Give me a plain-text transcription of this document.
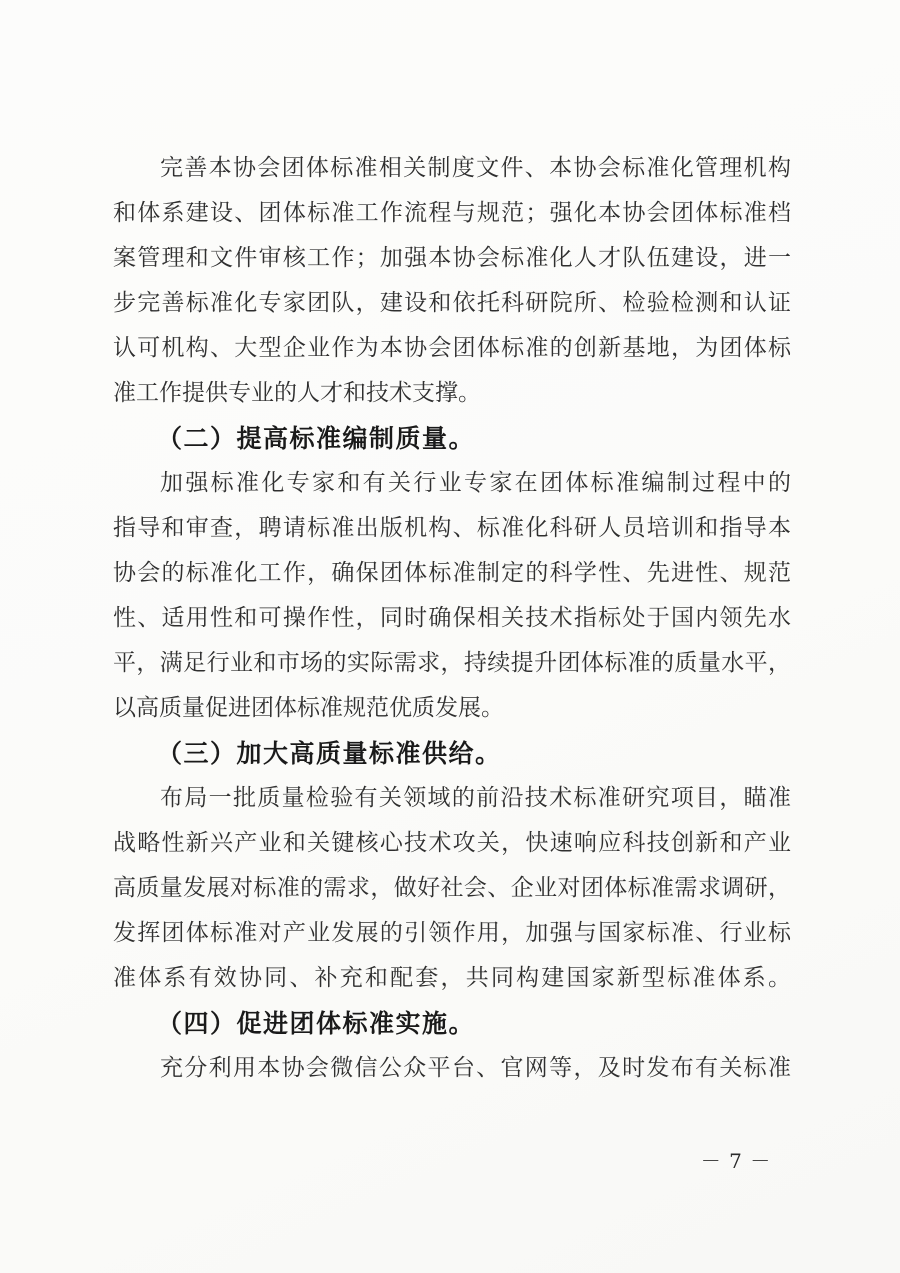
完善本协会团体标准相关制度文件、本协会标准化管理机构
和体系建设、团体标准工作流程与规范；强化本协会团体标准档
案管理和文件审核工作；加强本协会标准化人才队伍建设，进一
步完善标准化专家团队，建设和依托科研院所、检验检测和认证
认可机构、大型企业作为本协会团体标准的创新基地，为团体标
准工作提供专业的人才和技术支撑。

（二）提高标准编制质量。

加强标准化专家和有关行业专家在团体标准编制过程中的
指导和审查，聘请标准出版机构、标准化科研人员培训和指导本
协会的标准化工作，确保团体标准制定的科学性、先进性、规范
性、适用性和可操作性，同时确保相关技术指标处于国内领先水
平，满足行业和市场的实际需求，持续提升团体标准的质量水平，
以高质量促进团体标准规范优质发展。

（三）加大高质量标准供给。

布局一批质量检验有关领域的前沿技术标准研究项目，瞄准
战略性新兴产业和关键核心技术攻关，快速响应科技创新和产业
高质量发展对标准的需求，做好社会、企业对团体标准需求调研，
发挥团体标准对产业发展的引领作用，加强与国家标准、行业标
准体系有效协同、补充和配套，共同构建国家新型标准体系。

（四）促进团体标准实施。

充分利用本协会微信公众平台、官网等，及时发布有关标准

－ 7 －
